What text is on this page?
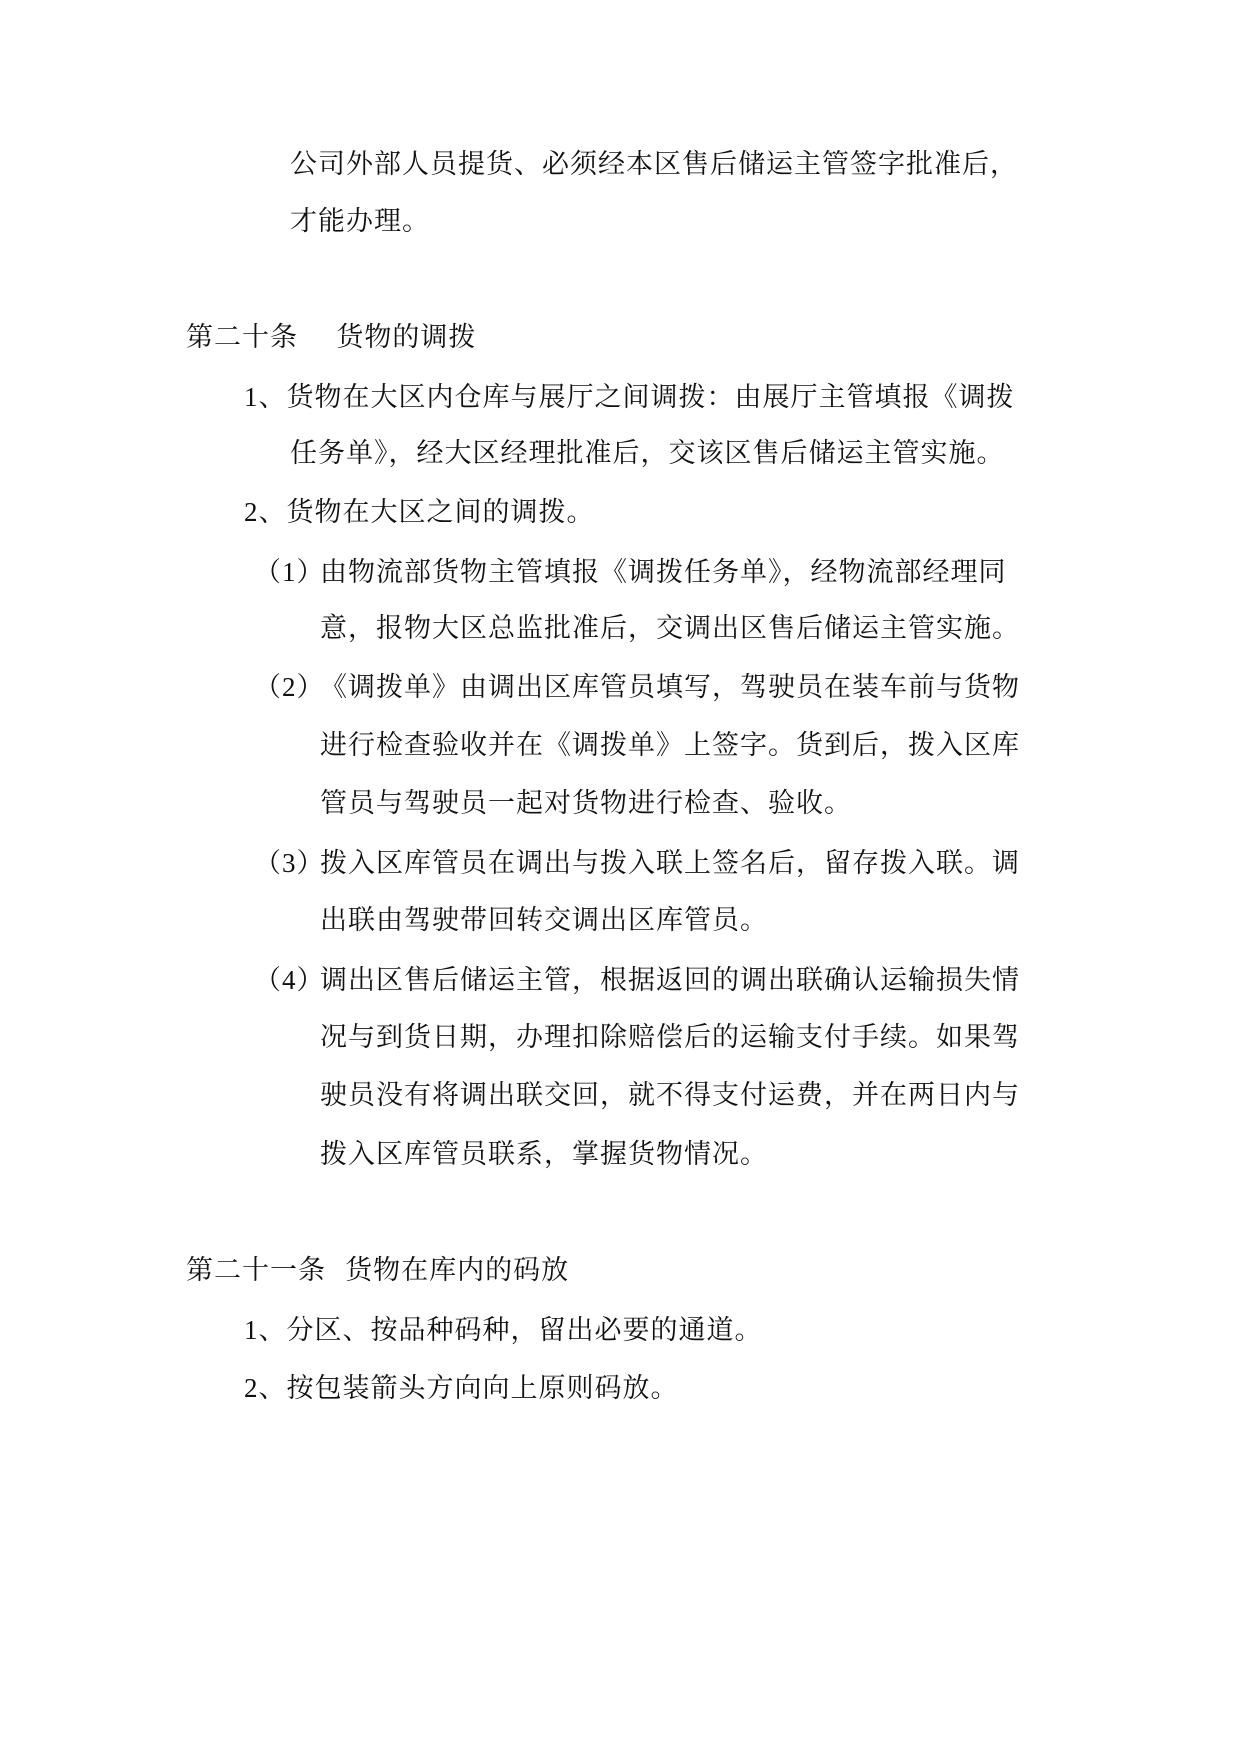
公司外部人员提货、必须经本区售后储运主管签字批准后，
才能办理。
第二十条    货物的调拨
1、货物在大区内仓库与展厅之间调拨：由展厅主管填报《调拨
任务单》，经大区经理批准后，交该区售后储运主管实施。
2、货物在大区之间的调拨。
（1）由物流部货物主管填报《调拨任务单》，经物流部经理同
意，报物大区总监批准后，交调出区售后储运主管实施。
（2）《调拨单》由调出区库管员填写，驾驶员在装车前与货物
进行检查验收并在《调拨单》上签字。货到后，拨入区库
管员与驾驶员一起对货物进行检查、验收。
（3）拨入区库管员在调出与拨入联上签名后，留存拨入联。调
出联由驾驶带回转交调出区库管员。
（4）调出区售后储运主管，根据返回的调出联确认运输损失情
况与到货日期，办理扣除赔偿后的运输支付手续。如果驾
驶员没有将调出联交回，就不得支付运费，并在两日内与
拨入区库管员联系，掌握货物情况。
第二十一条  货物在库内的码放
1、分区、按品种码种，留出必要的通道。
2、按包装箭头方向向上原则码放。
